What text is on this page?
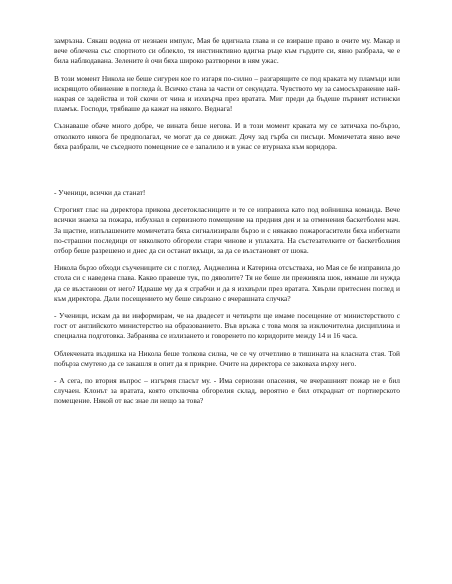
замръзна. Сякаш водена от незнаен импулс, Мая бе вдигнала глава и се взираше право в очите му. Макар и вече облечена със спортното си облекло, тя инстинктивно вдигна ръце към гърдите си, явно разбрала, че е била наблюдавана. Зелените ѝ очи бяха широко разтворени в ням ужас.

В този момент Никола не беше сигурен кое го изгаря по-силно – разгарящите се под краката му пламъци или искрящото обвинение в погледа ѝ. Всичко стана за части от секундата. Чувството му за самосъхранение най-накрая се задейства и той скочи от чина и изхвърча през вратата. Миг преди да бъдеше първият истински пламък. Господи, трябваше да кажат на някого. Веднага!

Съзнаваше обаче много добре, че вината беше негова. И в този момент краката му се затичаха по-бързо, отколкото някога бе предполагал, че могат да се движат. Дочу зад гърба си писъци. Момичетата явно вече бяха разбрали, че съседното помещение се е запалило и в ужас се втурнаха към коридора.

- Ученици, всички да станат!

Строгият глас на директора прикова десетокласниците и те се изправиха като под войнишка команда. Вече всички знаеха за пожара, избухнал в сервизното помещение на предния ден и за отменения баскетболен мач. За щастие, изпълашените момичетата бяха сигнализирали бързо и с някакво пожарогасители бяха избегнати по-страшни последици от няколкото обгорели стари чинове и уплахата. На състезателките от баскетболния отбор беше разрешено и днес да си останат вкъщи, за да се възстановят от шока.

Никола бързо обходи съучениците си с поглед. Анджелина и Катерина отсъстваха, но Мая се бе изправила до стола си с наведена глава. Какво правеше тук, по дяволите? Тя не беше ли преживяла шок, нямаше ли нужда да се възстанови от него? Идваше му да я сграбчи и да я изхвърли през вратата. Хвърли притеснен поглед и към директора. Дали посещението му беше свързано с вчерашната случка?

- Ученици, искам да ви информирам, че на двадесет и четвърти ще имаме посещение от министерството с гост от английското министерство на образованието. Във връзка с това моля за изключителна дисциплина и специална подготовка. Забранява се излизането и говоренето по коридорите между 14 и 16 часа.

Облекчената въздишка на Никола беше толкова силна, че се чу отчетливо в тишината на класната стая. Той побърза смутено да се закашля в опит да я прикрие. Очите на директора се заковаха върху него.

- А сега, по втория въпрос – изгърмя гласът му. - Има сериозни опасения, че вчерашният пожар не е бил случаен. Клонът за вратата, която отключва обгорелия склад, вероятно е бил откраднат от портиерското помещение. Някой от вас знае ли нещо за това?
